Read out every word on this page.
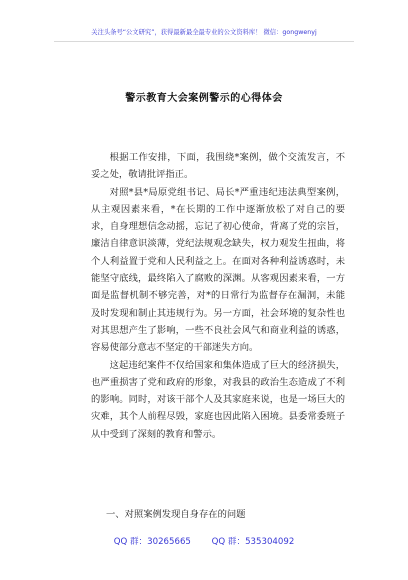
关注头条号“公文研究”，获得最新最全最专业的公文资料库！ 微信：gongwenyj
警示教育大会案例警示的心得体会

根据工作安排，下面，我围绕*案例，做个交流发言，不妥之处，敬请批评指正。

对照*县*局原党组书记、局长*严重违纪违法典型案例，从主观因素来看，*在长期的工作中逐渐放松了对自己的要求，自身理想信念动摇，忘记了初心使命，背离了党的宗旨，廉洁自律意识淡薄，党纪法规观念缺失，权力观发生扭曲，将个人利益置于党和人民利益之上。在面对各种利益诱惑时，未能坚守底线，最终陷入了腐败的深渊。从客观因素来看，一方面是监督机制不够完善，对*的日常行为监督存在漏洞，未能及时发现和制止其违规行为。另一方面，社会环境的复杂性也对其思想产生了影响，一些不良社会风气和商业利益的诱惑，容易使部分意志不坚定的干部迷失方向。

这起违纪案件不仅给国家和集体造成了巨大的经济损失，也严重损害了党和政府的形象，对我县的政治生态造成了不利的影响。同时，对该干部个人及其家庭来说，也是一场巨大的灾难，其个人前程尽毁，家庭也因此陷入困境。县委常委班子从中受到了深刻的教育和警示。

一、对照案例发现自身存在的问题
QQ 群：30265665 QQ 群：535304092
